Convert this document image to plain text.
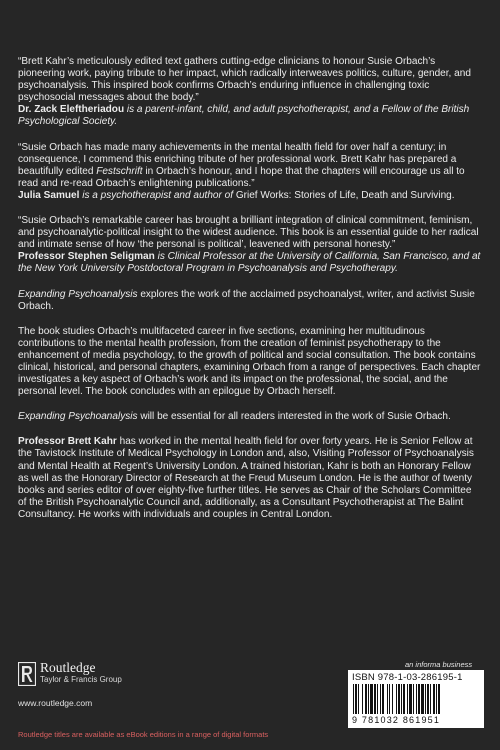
“Brett Kahr’s meticulously edited text gathers cutting-edge clinicians to honour Susie Orbach’s pioneering work, paying tribute to her impact, which radically interweaves politics, culture, gender, and psychoanalysis. This inspired book confirms Orbach’s enduring influence in challenging toxic psychosocial messages about the body.”
Dr. Zack Eleftheriadou is a parent-infant, child, and adult psychotherapist, and a Fellow of the British Psychological Society.

“Susie Orbach has made many achievements in the mental health field for over half a century; in consequence, I commend this enriching tribute of her professional work. Brett Kahr has prepared a beautifully edited Festschrift in Orbach’s honour, and I hope that the chapters will encourage us all to read and re-read Orbach’s enlightening publications.”
Julia Samuel is a psychotherapist and author of Grief Works: Stories of Life, Death and Surviving.

“Susie Orbach’s remarkable career has brought a brilliant integration of clinical commitment, feminism, and psychoanalytic-political insight to the widest audience. This book is an essential guide to her radical and intimate sense of how ‘the personal is political’, leavened with personal honesty.”
Professor Stephen Seligman is Clinical Professor at the University of California, San Francisco, and at the New York University Postdoctoral Program in Psychoanalysis and Psychotherapy.

Expanding Psychoanalysis explores the work of the acclaimed psychoanalyst, writer, and activist Susie Orbach.

The book studies Orbach’s multifaceted career in five sections, examining her multitudinous contributions to the mental health profession, from the creation of feminist psychotherapy to the enhancement of media psychology, to the growth of political and social consultation. The book contains clinical, historical, and personal chapters, examining Orbach from a range of perspectives. Each chapter investigates a key aspect of Orbach’s work and its impact on the professional, the social, and the personal level. The book concludes with an epilogue by Orbach herself.

Expanding Psychoanalysis will be essential for all readers interested in the work of Susie Orbach.

Professor Brett Kahr has worked in the mental health field for over forty years. He is Senior Fellow at the Tavistock Institute of Medical Psychology in London and, also, Visiting Professor of Psychoanalysis and Mental Health at Regent’s University London. A trained historian, Kahr is both an Honorary Fellow as well as the Honorary Director of Research at the Freud Museum London. He is the author of twenty books and series editor of over eighty-five further titles. He serves as Chair of the Scholars Committee of the British Psychoanalytic Council and, additionally, as a Consultant Psychotherapist at The Balint Consultancy. He works with individuals and couples in Central London.

Routledge
Taylor & Francis Group
www.routledge.com
Routledge titles are available as eBook editions in a range of digital formats
an informa business
ISBN 978-1-03-286195-1
9 781032 861951
